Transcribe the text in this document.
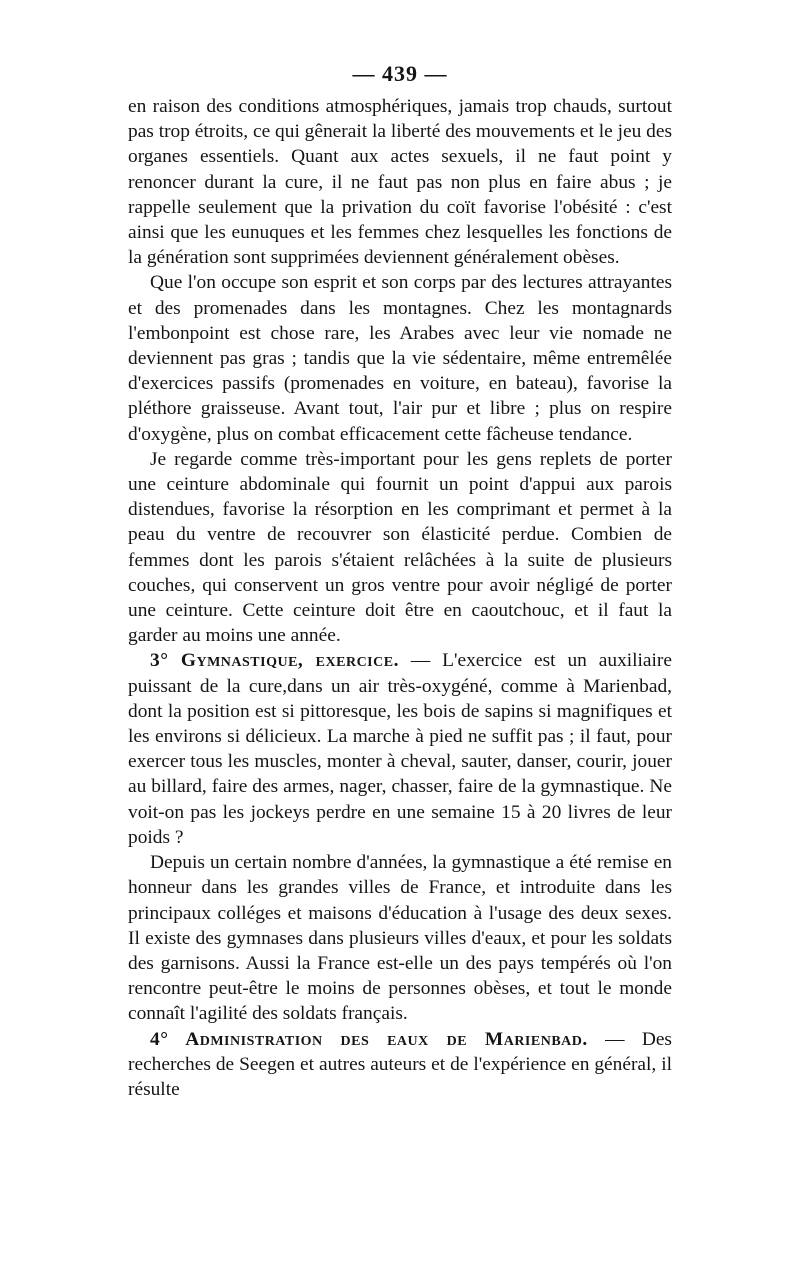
— 439 —

en raison des conditions atmosphériques, jamais trop chauds, surtout pas trop étroits, ce qui gênerait la liberté des mouvements et le jeu des organes essentiels. Quant aux actes sexuels, il ne faut point y renoncer durant la cure, il ne faut pas non plus en faire abus ; je rappelle seulement que la privation du coït favorise l'obésité : c'est ainsi que les eunuques et les femmes chez lesquelles les fonctions de la génération sont supprimées deviennent généralement obèses.

Que l'on occupe son esprit et son corps par des lectures attrayantes et des promenades dans les montagnes. Chez les montagnards l'embonpoint est chose rare, les Arabes avec leur vie nomade ne deviennent pas gras ; tandis que la vie sédentaire, même entremêlée d'exercices passifs (promenades en voiture, en bateau), favorise la pléthore graisseuse. Avant tout, l'air pur et libre ; plus on respire d'oxygène, plus on combat efficacement cette fâcheuse tendance.

Je regarde comme très-important pour les gens replets de porter une ceinture abdominale qui fournit un point d'appui aux parois distendues, favorise la résorption en les comprimant et permet à la peau du ventre de recouvrer son élasticité perdue. Combien de femmes dont les parois s'étaient relâchées à la suite de plusieurs couches, qui conservent un gros ventre pour avoir négligé de porter une ceinture. Cette ceinture doit être en caoutchouc, et il faut la garder au moins une année.

3° Gymnastique, exercice. — L'exercice est un auxiliaire puissant de la cure,dans un air très-oxygéné, comme à Marienbad, dont la position est si pittoresque, les bois de sapins si magnifiques et les environs si délicieux. La marche à pied ne suffit pas ; il faut, pour exercer tous les muscles, monter à cheval, sauter, danser, courir, jouer au billard, faire des armes, nager, chasser, faire de la gymnastique. Ne voit-on pas les jockeys perdre en une semaine 15 à 20 livres de leur poids ?

Depuis un certain nombre d'années, la gymnastique a été remise en honneur dans les grandes villes de France, et introduite dans les principaux colléges et maisons d'éducation à l'usage des deux sexes. Il existe des gymnases dans plusieurs villes d'eaux, et pour les soldats des garnisons. Aussi la France est-elle un des pays tempérés où l'on rencontre peut-être le moins de personnes obèses, et tout le monde connaît l'agilité des soldats français.

4° Administration des eaux de Marienbad. — Des recherches de Seegen et autres auteurs et de l'expérience en général, il résulte
